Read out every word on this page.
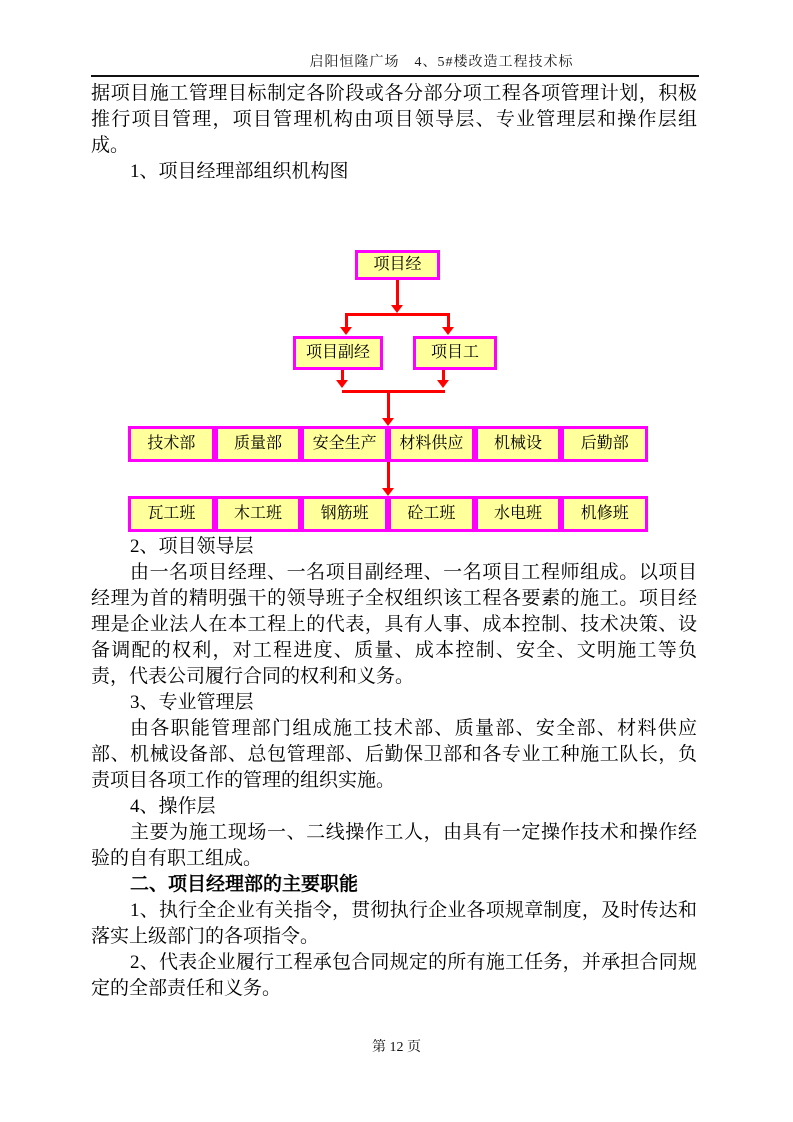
启阳恒隆广场　4、5#楼改造工程技术标

据项目施工管理目标制定各阶段或各分部分项工程各项管理计划，积极推行项目管理，项目管理机构由项目领导层、专业管理层和操作层组成。

1、项目经理部组织机构图

项目经
项目副经	项目工
技术部	质量部	安全生产	材料供应	机械设	后勤部
瓦工班	木工班	钢筋班	砼工班	水电班	机修班

2、项目领导层

由一名项目经理、一名项目副经理、一名项目工程师组成。以项目经理为首的精明强干的领导班子全权组织该工程各要素的施工。项目经理是企业法人在本工程上的代表，具有人事、成本控制、技术决策、设备调配的权利，对工程进度、质量、成本控制、安全、文明施工等负责，代表公司履行合同的权利和义务。

3、专业管理层

由各职能管理部门组成施工技术部、质量部、安全部、材料供应部、机械设备部、总包管理部、后勤保卫部和各专业工种施工队长，负责项目各项工作的管理的组织实施。

4、操作层

主要为施工现场一、二线操作工人，由具有一定操作技术和操作经验的自有职工组成。

二、项目经理部的主要职能

1、执行全企业有关指令，贯彻执行企业各项规章制度，及时传达和落实上级部门的各项指令。

2、代表企业履行工程承包合同规定的所有施工任务，并承担合同规定的全部责任和义务。

第 12 页
